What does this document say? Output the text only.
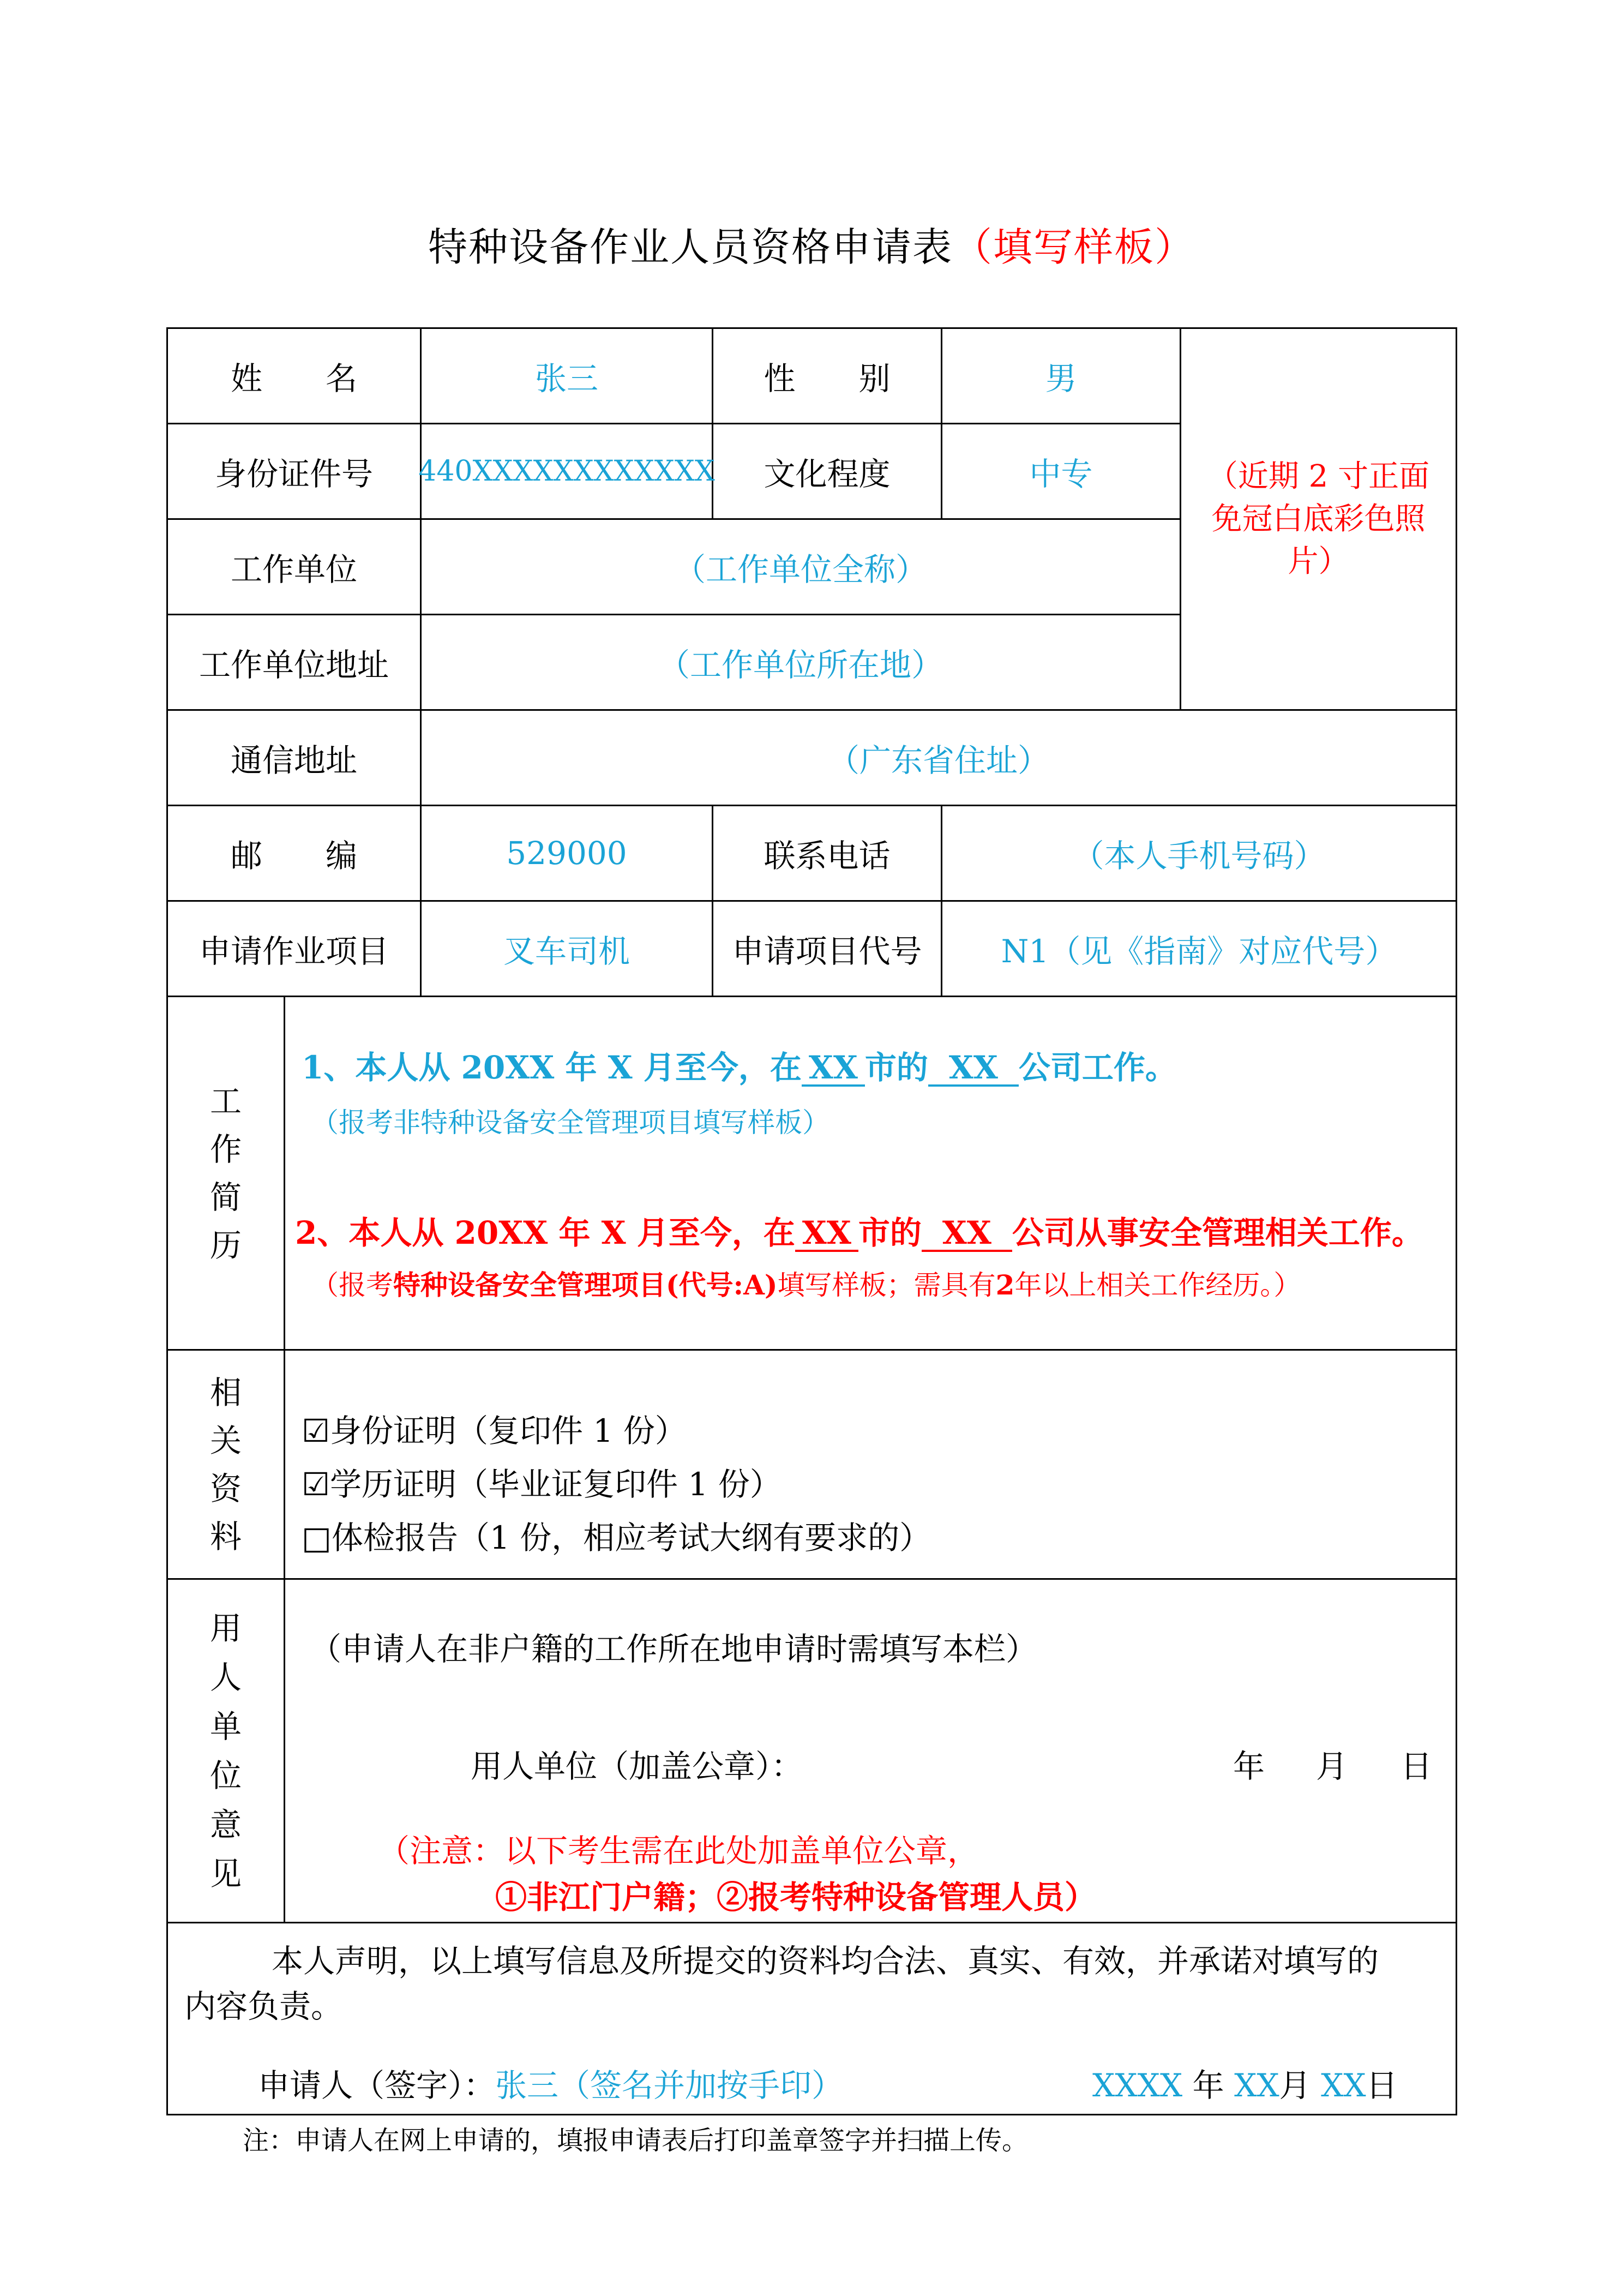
特种设备作业人员资格申请表（填写样板）
姓　　名	张三	性　　别	男
（近期 2 寸正面
免冠白底彩色照
片）
身份证件号	440XXXXXXXXXXXX	文化程度	中专
工作单位	（工作单位全称）
工作单位地址	（工作单位所在地）
通信地址	（广东省住址）
邮　　编	529000	联系电话	（本人手机号码）
申请作业项目	叉车司机	申请项目代号	N1（见《指南》对应代号）
工
作
简
历
1、本人从 20XX 年 X 月至今，在 XX 市的 XX 公司工作。
（报考非特种设备安全管理项目填写样板）
2、本人从 20XX 年 X 月至今，在 XX 市的 XX 公司从事安全管理相关工作。
（报考特种设备安全管理项目(代号:A)填写样板；需具有2年以上相关工作经历。）
相
关
资
料
☑身份证明（复印件 1 份）
☑学历证明（毕业证复印件 1 份）
□体检报告（1 份，相应考试大纲有要求的）
用
人
单
位
意
见
（申请人在非户籍的工作所在地申请时需填写本栏）
用人单位（加盖公章）：	年 月 日
（注意：以下考生需在此处加盖单位公章，
①非江门户籍；②报考特种设备管理人员）
本人声明，以上填写信息及所提交的资料均合法、真实、有效，并承诺对填写的
内容负责。
申请人（签字）：张三（签名并加按手印）	XXXX 年 XX月 XX日
注：申请人在网上申请的，填报申请表后打印盖章签字并扫描上传。
